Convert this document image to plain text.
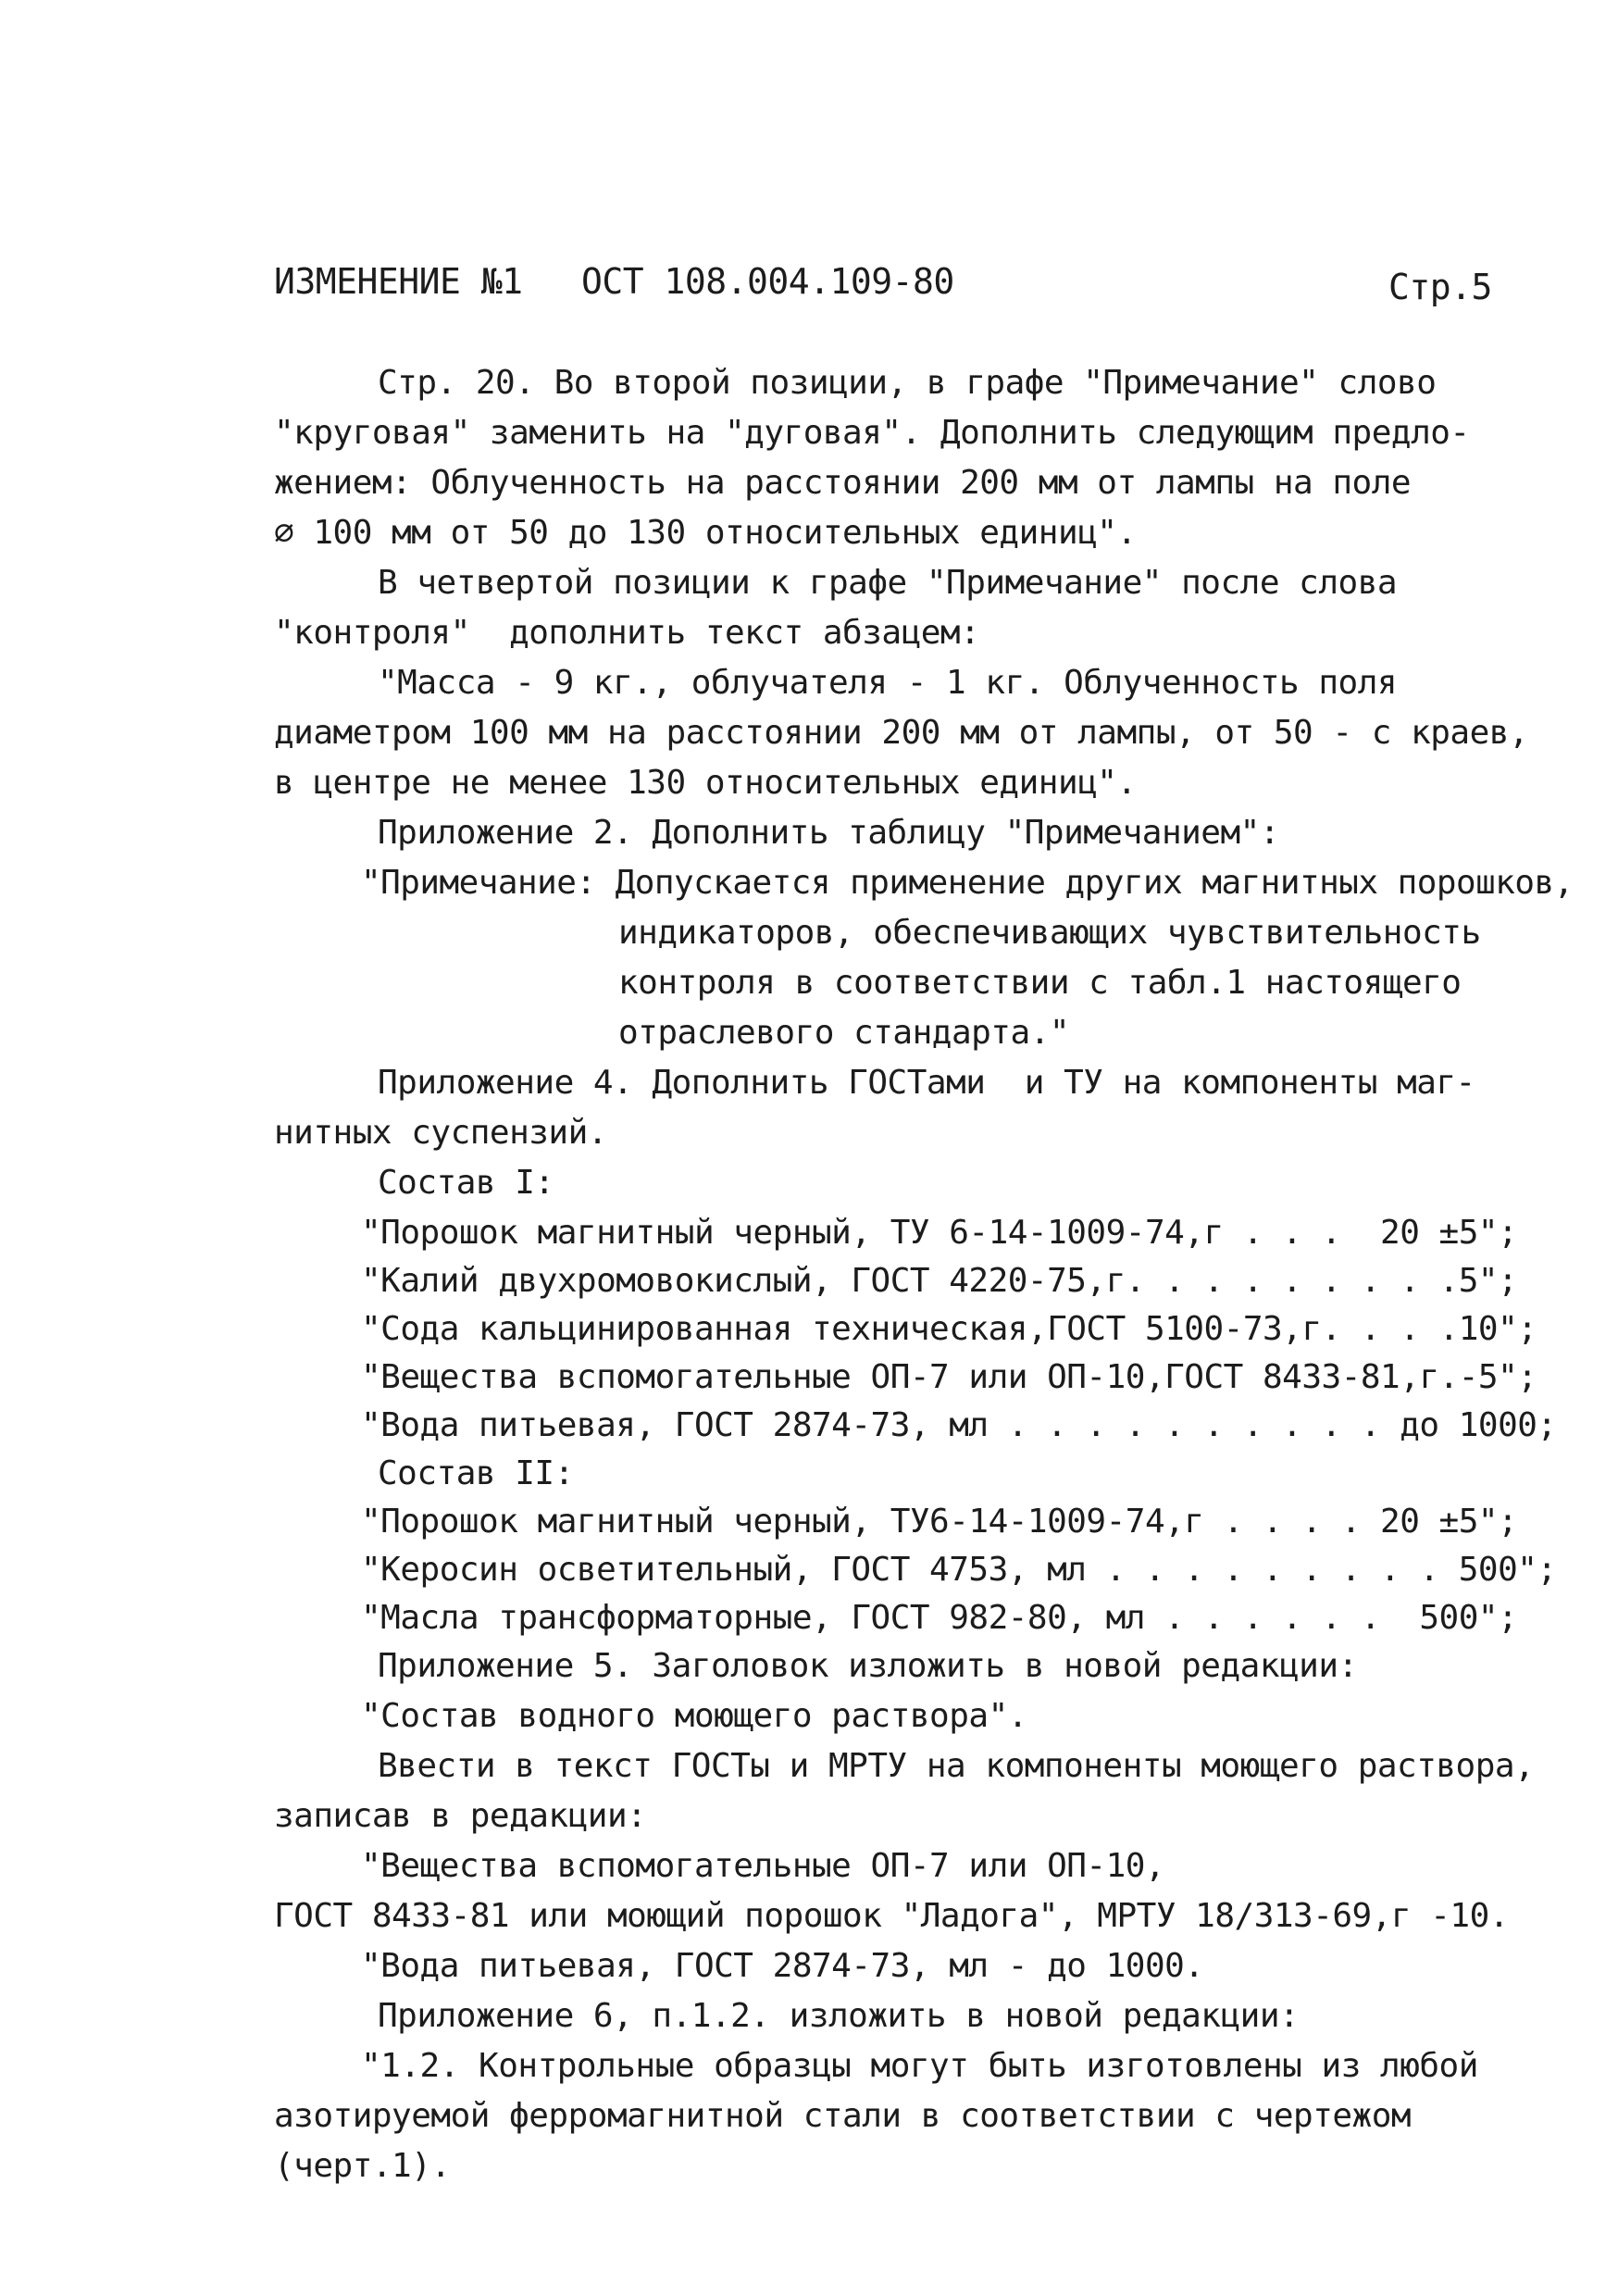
ИЗМЕНЕНИЕ №1 ОСТ 108.004.109-80	Стр.5
Стр. 20. Во второй позиции, в графе "Примечание" слово
"круговая" заменить на "дуговая". Дополнить следующим предло-
жением: Облученность на расстоянии 200 мм от лампы на поле
∅ 100 мм от 50 до 130 относительных единиц".
В четвертой позиции к графе "Примечание" после слова
"контроля"  дополнить текст абзацем:
"Масса - 9 кг., облучателя - 1 кг. Облученность поля
диаметром 100 мм на расстоянии 200 мм от лампы, от 50 - с краев,
в центре не менее 130 относительных единиц".
Приложение 2. Дополнить таблицу "Примечанием":
"Примечание: Допускается применение других магнитных порошков,
индикаторов, обеспечивающих чувствительность
контроля в соответствии с табл.1 настоящего
отраслевого стандарта."
Приложение 4. Дополнить ГОСТами  и ТУ на компоненты маг-
нитных суспензий.
Состав I:
"Порошок магнитный черный, ТУ 6-14-1009-74,г . . .  20 ±5";
"Калий двухромовокислый, ГОСТ 4220-75,г. . . . . . . . .5";
"Сода кальцинированная техническая,ГОСТ 5100-73,г. . . .10";
"Вещества вспомогательные ОП-7 или ОП-10,ГОСТ 8433-81,г.-5";
"Вода питьевая, ГОСТ 2874-73, мл . . . . . . . . . . до 1000;
Состав II:
"Порошок магнитный черный, ТУ6-14-1009-74,г . . . . 20 ±5";
"Керосин осветительный, ГОСТ 4753, мл . . . . . . . . . 500";
"Масла трансформаторные, ГОСТ 982-80, мл . . . . . .  500";
Приложение 5. Заголовок изложить в новой редакции:
"Состав водного моющего раствора".
Ввести в текст ГОСТы и МРТУ на компоненты моющего раствора,
записав в редакции:
"Вещества вспомогательные ОП-7 или ОП-10,
ГОСТ 8433-81 или моющий порошок "Ладога", МРТУ 18/313-69,г -10.
"Вода питьевая, ГОСТ 2874-73, мл - до 1000.
Приложение 6, п.1.2. изложить в новой редакции:
"1.2. Контрольные образцы могут быть изготовлены из любой
азотируемой ферромагнитной стали в соответствии с чертежом
(черт.1).
